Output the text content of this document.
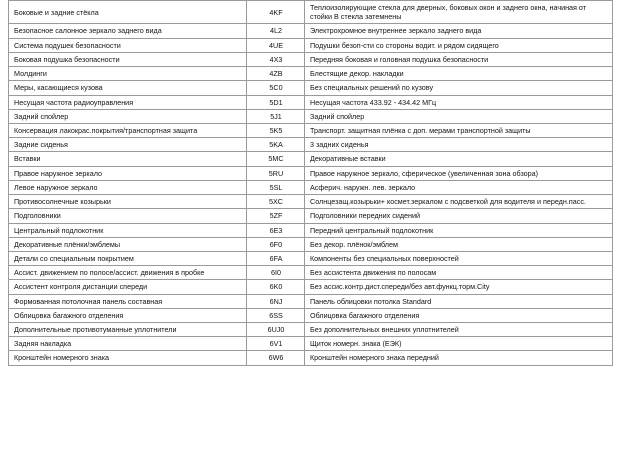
Боковые и задние стёкла	4KF	Теплоизолирующие стекла для дверных, боковых окон и заднего окна, начиная от стойки B стекла затемнены
Безопасное салонное зеркало заднего вида	4L2	Электрохромное внутреннее зеркало заднего вида
Система подушек безопасности	4UE	Подушки безоп-сти со стороны водит. и рядом сидящего
Боковая подушка безопасности	4X3	Передняя боковая и головная подушка безопасности
Молдинги	4ZB	Блестящие декор. накладки
Меры, касающиеся кузова	5C0	Без специальных решений по кузову
Несущая частота радиоуправления	5D1	Несущая частота 433.92 - 434.42 МГц
Задний спойлер	5J1	Задний спойлер
Консервация лакокрас.покрытия/транспортная защита	5K5	Транспорт. защитная плёнка с доп. мерами транспортной защиты
Задние сиденья	5KA	3 задних сиденья
Вставки	5MC	Декоративные вставки
Правое наружное зеркало	5RU	Правое наружное зеркало, сферическое (увеличенная зона обзора)
Левое наружное зеркало	5SL	Асферич. наружн. лев. зеркало
Противосолнечные козырьки	5XC	Солнцезащ.козырьки+ космет.зеркалом с подсветкой для водителя и передн.пасс.
Подголовники	5ZF	Подголовники передних сидений
Центральный подлокотник	6E3	Передний центральный подлокотник
Декоративные плёнки/эмблемы	6F0	Без декор. плёнок/эмблем
Детали со специальным покрытием	6FA	Компоненты без специальных поверхностей
Ассист. движением по полосе/ассист. движения в пробке	6I0	Без ассистента движения по полосам
Ассистент контроля дистанции спереди	6K0	Без ассис.контр.дист.спереди/без авт.функц.торм.City
Формованная потолочная панель составная	6NJ	Панель облицовки потолка Standard
Облицовка багажного отделения	6SS	Облицовка багажного отделения
Дополнительные противотуманные уплотнители	6UJ0	Без дополнительных внешних уплотнителей
Задняя накладка	6V1	Щиток номерн. знака (ЕЭК)
Кронштейн номерного знака	6W6	Кронштейн номерного знака передний
